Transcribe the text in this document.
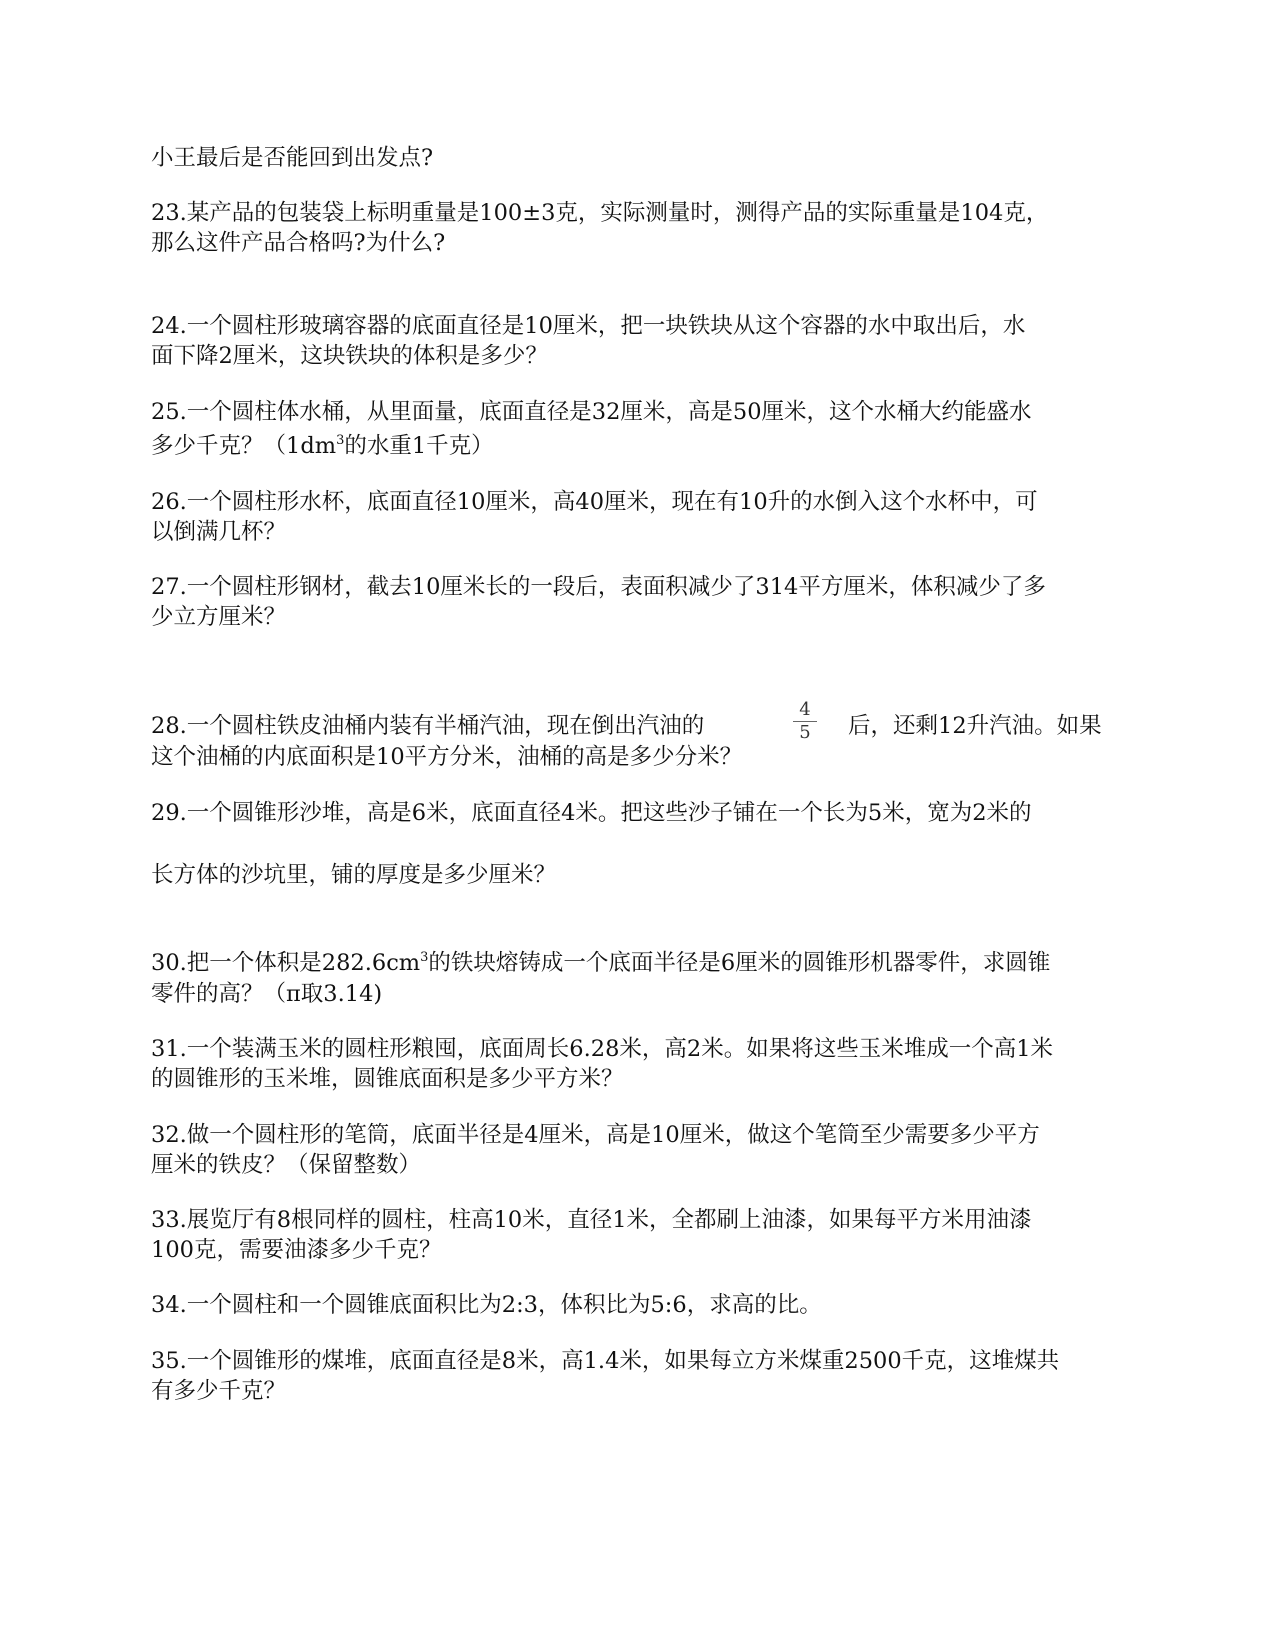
小王最后是否能回到出发点?
23.某产品的包装袋上标明重量是100±3克，实际测量时，测得产品的实际重量是104克，
那么这件产品合格吗?为什么?
24.一个圆柱形玻璃容器的底面直径是10厘米，把一块铁块从这个容器的水中取出后，水
面下降2厘米，这块铁块的体积是多少？
25.一个圆柱体水桶，从里面量，底面直径是32厘米，高是50厘米，这个水桶大约能盛水
多少千克？（$1dm^3$的水重1千克）
26.一个圆柱形水杯，底面直径10厘米，高40厘米，现在有10升的水倒入这个水杯中，可
以倒满几杯？
27.一个圆柱形钢材，截去10厘米长的一段后，表面积减少了314平方厘米，体积减少了多
少立方厘米？
4
5
28.一个圆柱铁皮油桶内装有半桶汽油，现在倒出汽油的	后，还剩12升汽油。如果
这个油桶的内底面积是10平方分米，油桶的高是多少分米？
29.一个圆锥形沙堆，高是6米，底面直径4米。把这些沙子铺在一个长为5米，宽为2米的
长方体的沙坑里，铺的厚度是多少厘米？
30.把一个体积是$282.6cm^3$的铁块熔铸成一个底面半径是6厘米的圆锥形机器零件，求圆锥
零件的高？（π取3.14)
31.一个装满玉米的圆柱形粮囤，底面周长6.28米，高2米。如果将这些玉米堆成一个高1米
的圆锥形的玉米堆，圆锥底面积是多少平方米？
32.做一个圆柱形的笔筒，底面半径是4厘米，高是10厘米，做这个笔筒至少需要多少平方
厘米的铁皮？（保留整数）
33.展览厅有8根同样的圆柱，柱高10米，直径1米，全都刷上油漆，如果每平方米用油漆
100克，需要油漆多少千克？
34.一个圆柱和一个圆锥底面积比为2:3，体积比为5:6，求高的比。
35.一个圆锥形的煤堆，底面直径是8米，高1.4米，如果每立方米煤重2500千克，这堆煤共
有多少千克？
